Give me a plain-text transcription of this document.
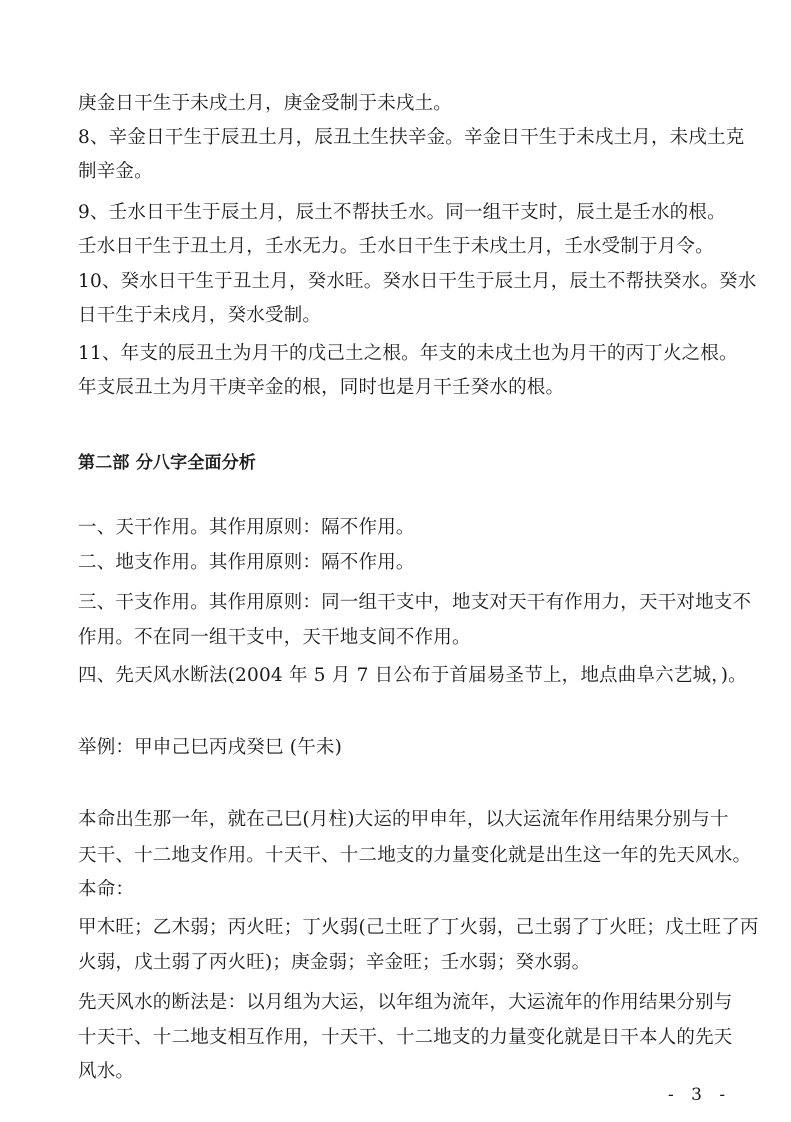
庚金日干生于未戌土月，庚金受制于未戌土。
8、辛金日干生于辰丑土月，辰丑土生扶辛金。辛金日干生于未戌土月，未戌土克
制辛金。
9、壬水日干生于辰土月，辰土不帮扶壬水。同一组干支时，辰土是壬水的根。
壬水日干生于丑土月，壬水无力。壬水日干生于未戌土月，壬水受制于月令。
10、癸水日干生于丑土月，癸水旺。癸水日干生于辰土月，辰土不帮扶癸水。癸水
日干生于未戌月，癸水受制。
11、年支的辰丑土为月干的戊己土之根。年支的未戌土也为月干的丙丁火之根。
年支辰丑土为月干庚辛金的根，同时也是月干壬癸水的根。
第二部 分八字全面分析
一、天干作用。其作用原则：隔不作用。
二、地支作用。其作用原则：隔不作用。
三、干支作用。其作用原则：同一组干支中，地支对天干有作用力，天干对地支不
作用。不在同一组干支中，天干地支间不作用。
四、先天风水断法(2004 年 5 月 7 日公布于首届易圣节上，地点曲阜六艺城，)。
举例：甲申己巳丙戌癸巳 (午未)
本命出生那一年，就在己巳(月柱)大运的甲申年，以大运流年作用结果分别与十
天干、十二地支作用。十天干、十二地支的力量变化就是出生这一年的先天风水。
本命：
甲木旺；乙木弱；丙火旺；丁火弱(己土旺了丁火弱，己土弱了丁火旺；戊土旺了丙
火弱，戊土弱了丙火旺)；庚金弱；辛金旺；壬水弱；癸水弱。
先天风水的断法是：以月组为大运，以年组为流年，大运流年的作用结果分别与
十天干、十二地支相互作用，十天干、十二地支的力量变化就是日干本人的先天
风水。
- 3 -
